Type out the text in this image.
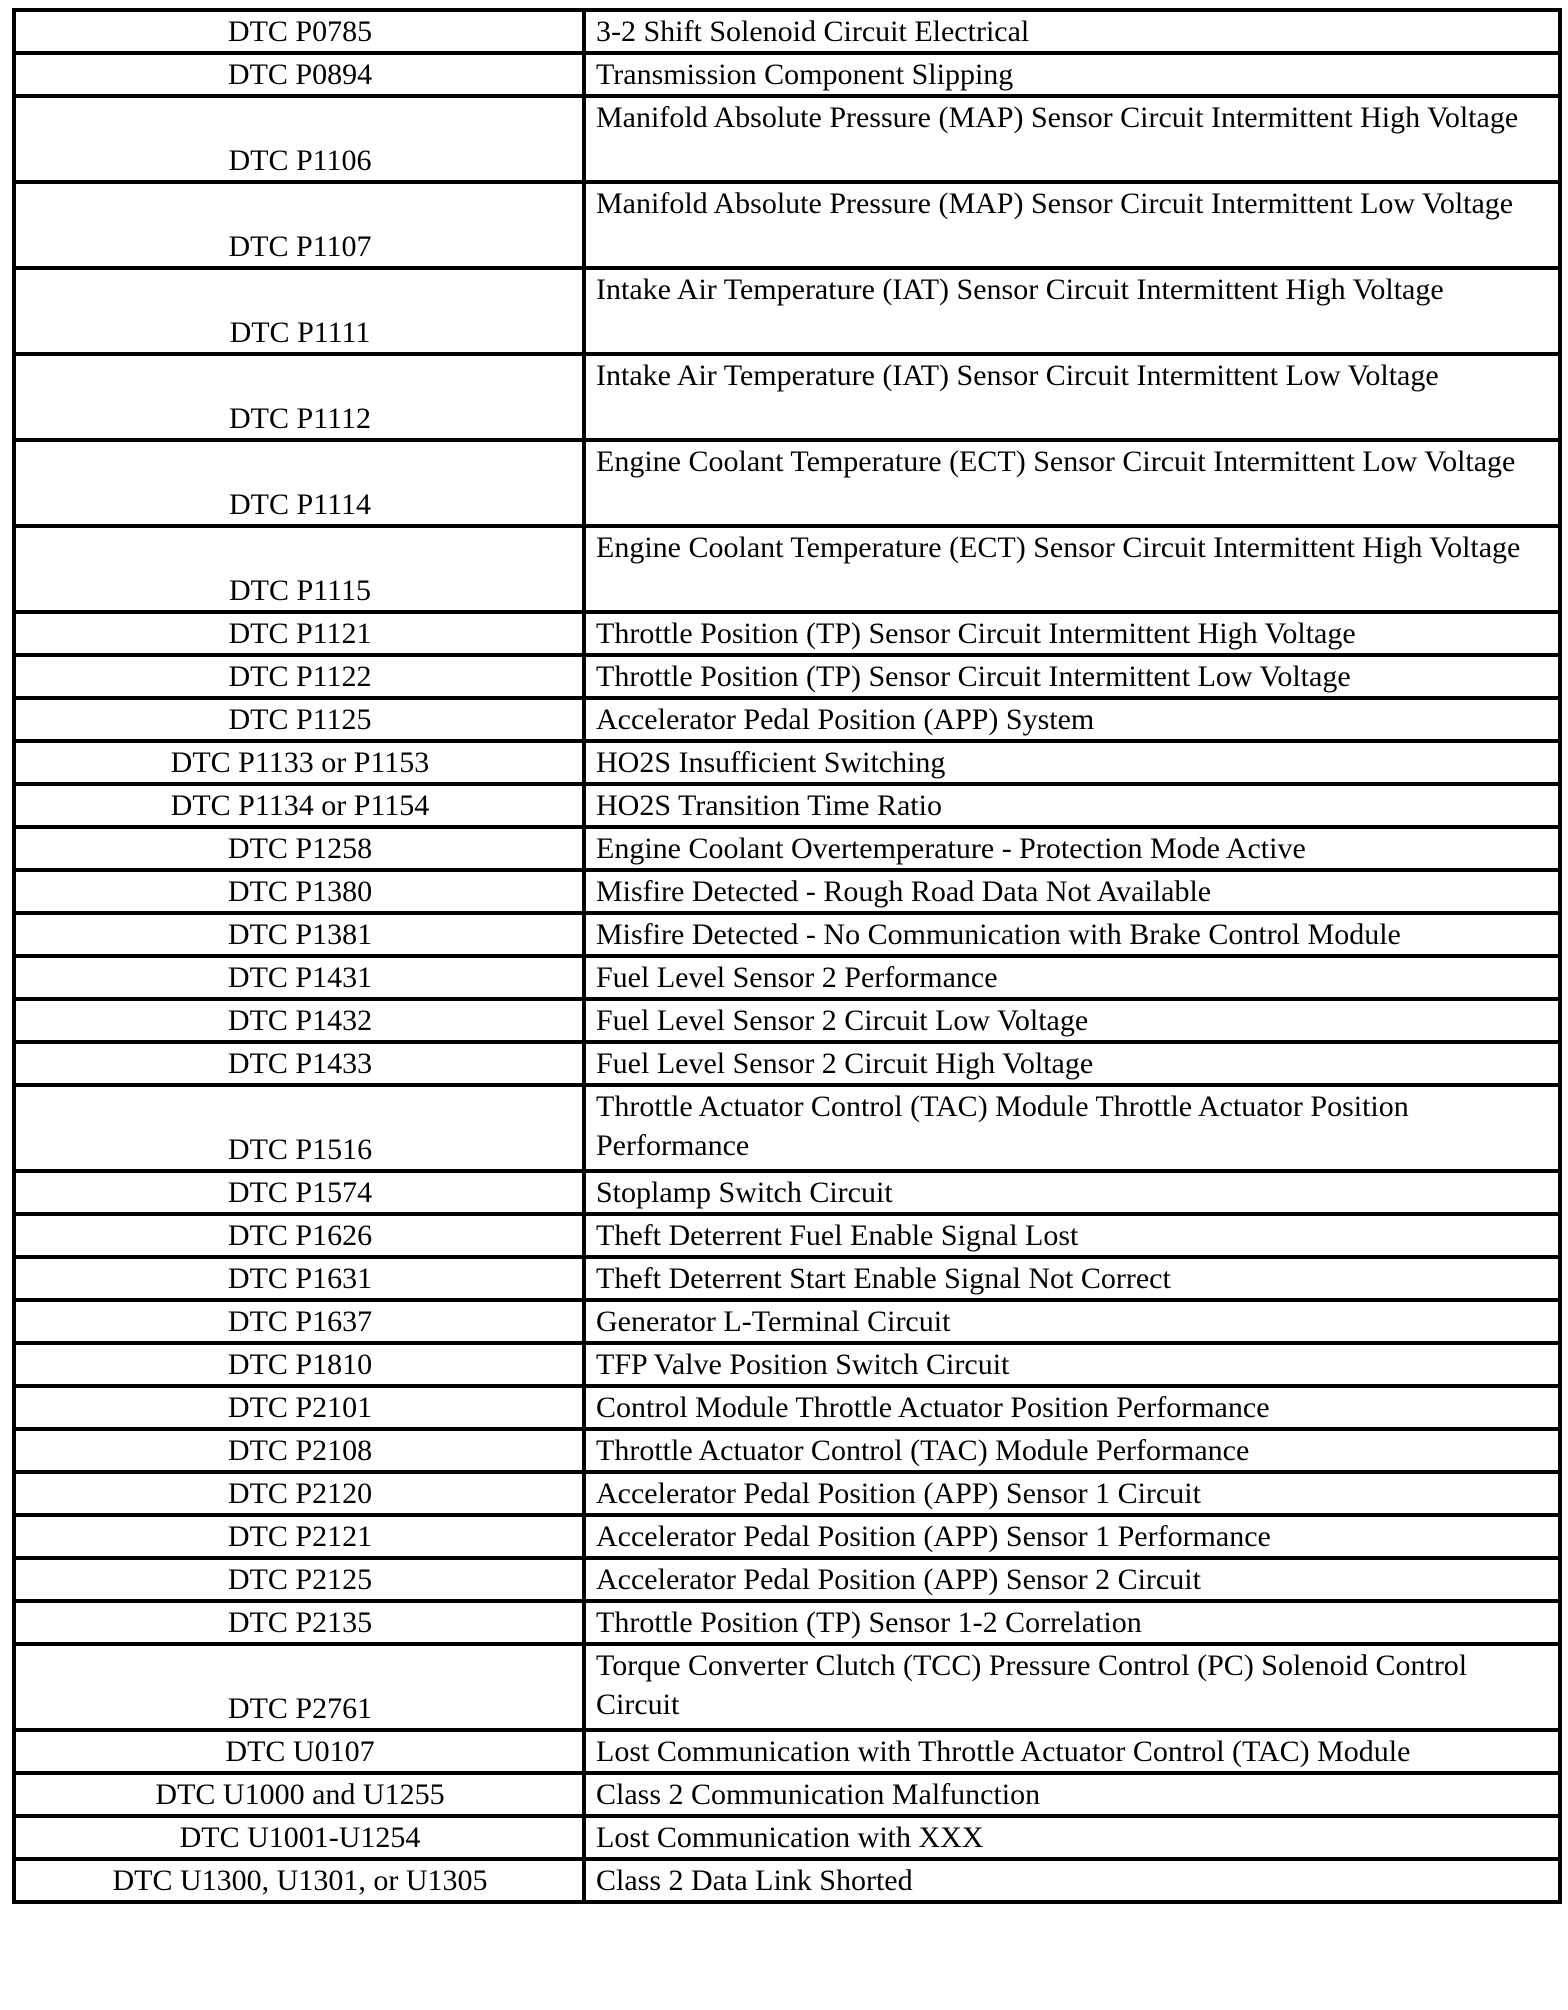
DTC P0785	3-2 Shift Solenoid Circuit Electrical
DTC P0894	Transmission Component Slipping
DTC P1106	Manifold Absolute Pressure (MAP) Sensor Circuit Intermittent High Voltage
DTC P1107	Manifold Absolute Pressure (MAP) Sensor Circuit Intermittent Low Voltage
DTC P1111	Intake Air Temperature (IAT) Sensor Circuit Intermittent High Voltage
DTC P1112	Intake Air Temperature (IAT) Sensor Circuit Intermittent Low Voltage
DTC P1114	Engine Coolant Temperature (ECT) Sensor Circuit Intermittent Low Voltage
DTC P1115	Engine Coolant Temperature (ECT) Sensor Circuit Intermittent High Voltage
DTC P1121	Throttle Position (TP) Sensor Circuit Intermittent High Voltage
DTC P1122	Throttle Position (TP) Sensor Circuit Intermittent Low Voltage
DTC P1125	Accelerator Pedal Position (APP) System
DTC P1133 or P1153	HO2S Insufficient Switching
DTC P1134 or P1154	HO2S Transition Time Ratio
DTC P1258	Engine Coolant Overtemperature - Protection Mode Active
DTC P1380	Misfire Detected - Rough Road Data Not Available
DTC P1381	Misfire Detected - No Communication with Brake Control Module
DTC P1431	Fuel Level Sensor 2 Performance
DTC P1432	Fuel Level Sensor 2 Circuit Low Voltage
DTC P1433	Fuel Level Sensor 2 Circuit High Voltage
DTC P1516	Throttle Actuator Control (TAC) Module Throttle Actuator Position Performance
DTC P1574	Stoplamp Switch Circuit
DTC P1626	Theft Deterrent Fuel Enable Signal Lost
DTC P1631	Theft Deterrent Start Enable Signal Not Correct
DTC P1637	Generator L-Terminal Circuit
DTC P1810	TFP Valve Position Switch Circuit
DTC P2101	Control Module Throttle Actuator Position Performance
DTC P2108	Throttle Actuator Control (TAC) Module Performance
DTC P2120	Accelerator Pedal Position (APP) Sensor 1 Circuit
DTC P2121	Accelerator Pedal Position (APP) Sensor 1 Performance
DTC P2125	Accelerator Pedal Position (APP) Sensor 2 Circuit
DTC P2135	Throttle Position (TP) Sensor 1-2 Correlation
DTC P2761	Torque Converter Clutch (TCC) Pressure Control (PC) Solenoid Control Circuit
DTC U0107	Lost Communication with Throttle Actuator Control (TAC) Module
DTC U1000 and U1255	Class 2 Communication Malfunction
DTC U1001-U1254	Lost Communication with XXX
DTC U1300, U1301, or U1305	Class 2 Data Link Shorted
